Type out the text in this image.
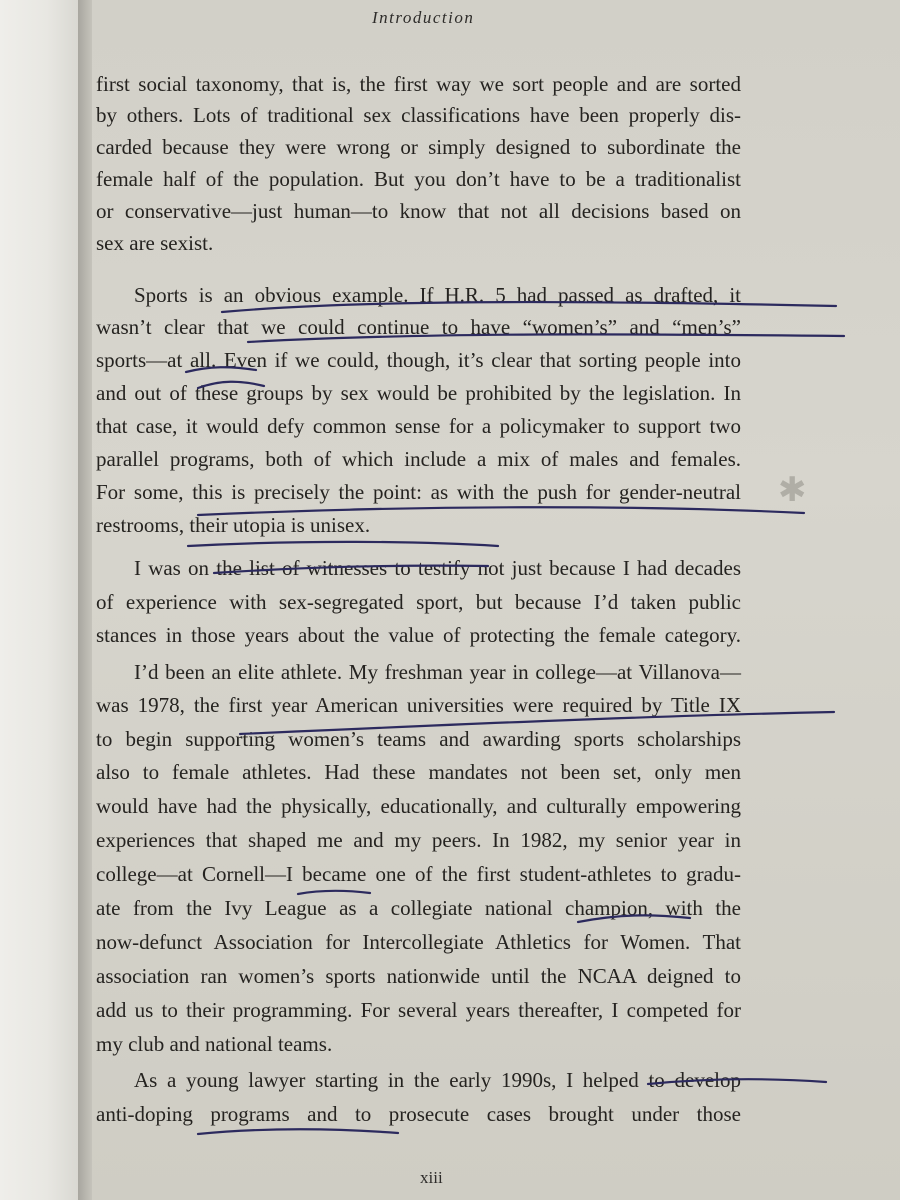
Introduction
first social taxonomy, that is, the first way we sort people and are sorted
by others. Lots of traditional sex classifications have been properly dis-
carded because they were wrong or simply designed to subordinate the
female half of the population. But you don’t have to be a traditionalist
or conservative—just human—to know that not all decisions based on
sex are sexist.
Sports is an obvious example. If H.R. 5 had passed as drafted, it
wasn’t clear that we could continue to have “women’s” and “men’s”
sports—at all. Even if we could, though, it’s clear that sorting people into
and out of these groups by sex would be prohibited by the legislation. In
that case, it would defy common sense for a policymaker to support two
parallel programs, both of which include a mix of males and females.
For some, this is precisely the point: as with the push for gender-neutral
restrooms, their utopia is unisex.
I was on the list of witnesses to testify not just because I had decades
of experience with sex-segregated sport, but because I’d taken public
stances in those years about the value of protecting the female category.
I’d been an elite athlete. My freshman year in college—at Villanova—
was 1978, the first year American universities were required by Title IX
to begin supporting women’s teams and awarding sports scholarships
also to female athletes. Had these mandates not been set, only men
would have had the physically, educationally, and culturally empowering
experiences that shaped me and my peers. In 1982, my senior year in
college—at Cornell—I became one of the first student-athletes to gradu-
ate from the Ivy League as a collegiate national champion, with the
now-defunct Association for Intercollegiate Athletics for Women. That
association ran women’s sports nationwide until the NCAA deigned to
add us to their programming. For several years thereafter, I competed for
my club and national teams.
As a young lawyer starting in the early 1990s, I helped to develop
anti-doping programs and to prosecute cases brought under those
xiii
✱
